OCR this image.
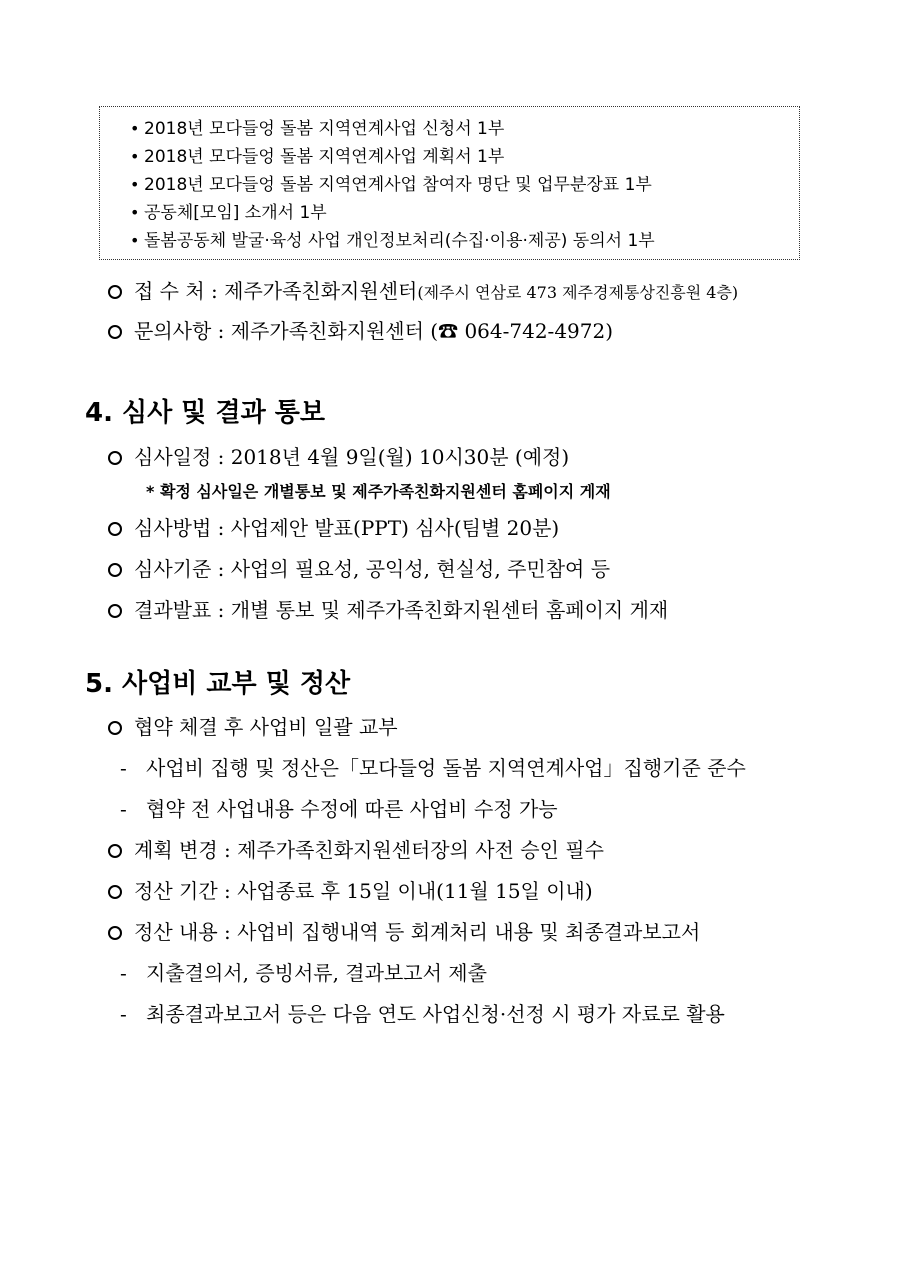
• 2018년 모다들엉 돌봄 지역연계사업 신청서 1부
• 2018년 모다들엉 돌봄 지역연계사업 계획서 1부
• 2018년 모다들엉 돌봄 지역연계사업 참여자 명단 및 업무분장표 1부
• 공동체[모임] 소개서 1부
• 돌봄공동체 발굴·육성 사업 개인정보처리(수집·이용·제공) 동의서 1부
접 수 처 : 제주가족친화지원센터(제주시 연삼로 473 제주경제통상진흥원 4층)
문의사항 : 제주가족친화지원센터 (☎ 064-742-4972)
4. 심사 및 결과 통보
심사일정 : 2018년 4월 9일(월) 10시30분 (예정)
* 확정 심사일은 개별통보 및 제주가족친화지원센터 홈페이지 게재
심사방법 : 사업제안 발표(PPT) 심사(팀별 20분)
심사기준 : 사업의 필요성, 공익성, 현실성, 주민참여 등
결과발표 : 개별 통보 및 제주가족친화지원센터 홈페이지 게재
5. 사업비 교부 및 정산
협약 체결 후 사업비 일괄 교부
- 사업비 집행 및 정산은「모다들엉 돌봄 지역연계사업」집행기준 준수
- 협약 전 사업내용 수정에 따른 사업비 수정 가능
계획 변경 : 제주가족친화지원센터장의 사전 승인 필수
정산 기간 : 사업종료 후 15일 이내(11월 15일 이내)
정산 내용 : 사업비 집행내역 등 회계처리 내용 및 최종결과보고서
- 지출결의서, 증빙서류, 결과보고서 제출
- 최종결과보고서 등은 다음 연도 사업신청·선정 시 평가 자료로 활용
